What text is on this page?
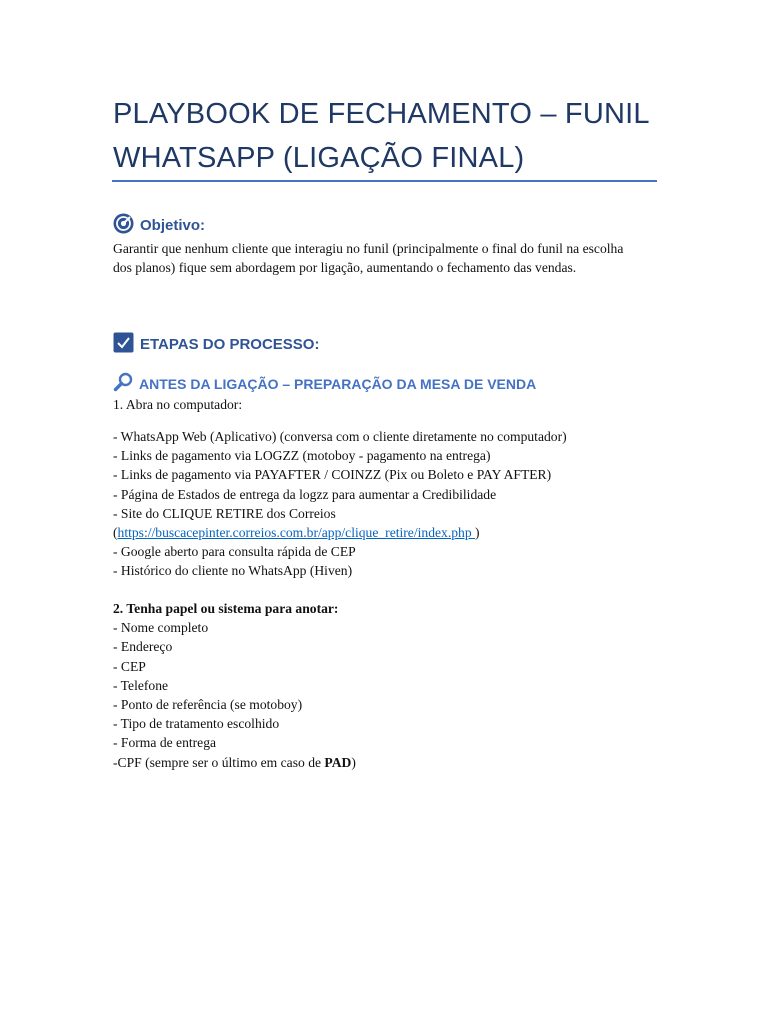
PLAYBOOK DE FECHAMENTO – FUNIL WHATSAPP (LIGAÇÃO FINAL)
Objetivo:
Garantir que nenhum cliente que interagiu no funil (principalmente o final do funil na escolha dos planos) fique sem abordagem por ligação, aumentando o fechamento das vendas.
ETAPAS DO PROCESSO:
ANTES DA LIGAÇÃO – PREPARAÇÃO DA MESA DE VENDA
1. Abra no computador:
- WhatsApp Web (Aplicativo) (conversa com o cliente diretamente no computador)
- Links de pagamento via LOGZZ (motoboy - pagamento na entrega)
- Links de pagamento via PAYAFTER / COINZZ (Pix ou Boleto e PAY AFTER)
- Página de Estados de entrega da logzz para aumentar a Credibilidade
- Site do CLIQUE RETIRE dos Correios
(https://buscacepinter.correios.com.br/app/clique_retire/index.php )
- Google aberto para consulta rápida de CEP
- Histórico do cliente no WhatsApp (Hiven)
2. Tenha papel ou sistema para anotar:
- Nome completo
- Endereço
- CEP
- Telefone
- Ponto de referência (se motoboy)
- Tipo de tratamento escolhido
- Forma de entrega
-CPF (sempre ser o último em caso de PAD)
